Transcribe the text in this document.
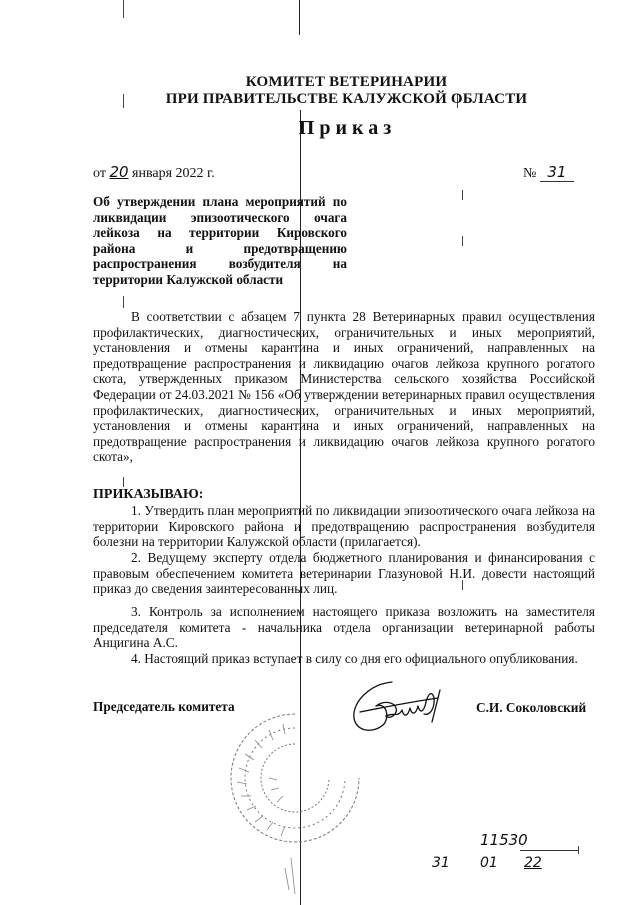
КОМИТЕТ ВЕТЕРИНАРИИ
ПРИ ПРАВИТЕЛЬСТВЕ КАЛУЖСКОЙ ОБЛАСТИ
Приказ
от 20 января 2022 г.	№ 31
Об утверждении плана мероприятий по ликвидации эпизоотического очага лейкоза на территории Кировского района и предотвращению распространения возбудителя на территории Калужской области
В соответствии с абзацем 7 пункта 28 Ветеринарных правил осуществления профилактических, диагностических, ограничительных и иных мероприятий, установления и отмены карантина и иных ограничений, направленных на предотвращение распространения и ликвидацию очагов лейкоза крупного рогатого скота, утвержденных приказом Министерства сельского хозяйства Российской Федерации от 24.03.2021 № 156 «Об утверждении ветеринарных правил осуществления профилактических, диагностических, ограничительных и иных мероприятий, установления и отмены карантина и иных ограничений, направленных на предотвращение распространения и ликвидацию очагов лейкоза крупного рогатого скота»,
ПРИКАЗЫВАЮ:
1. Утвердить план мероприятий по ликвидации эпизоотического очага лейкоза на территории Кировского района и предотвращению распространения возбудителя болезни на территории Калужской области (прилагается).
2. Ведущему эксперту отдела бюджетного планирования и финансирования с правовым обеспечением комитета ветеринарии Глазуновой Н.И. довести настоящий приказ до сведения заинтересованных лиц.
3. Контроль за исполнением настоящего приказа возложить на заместителя председателя комитета - начальника отдела организации ветеринарной работы Анцигина А.С.
4. Настоящий приказ вступает в силу со дня его официального опубликования.
Председатель комитета	С.И. Соколовский
11530
31 01 22
